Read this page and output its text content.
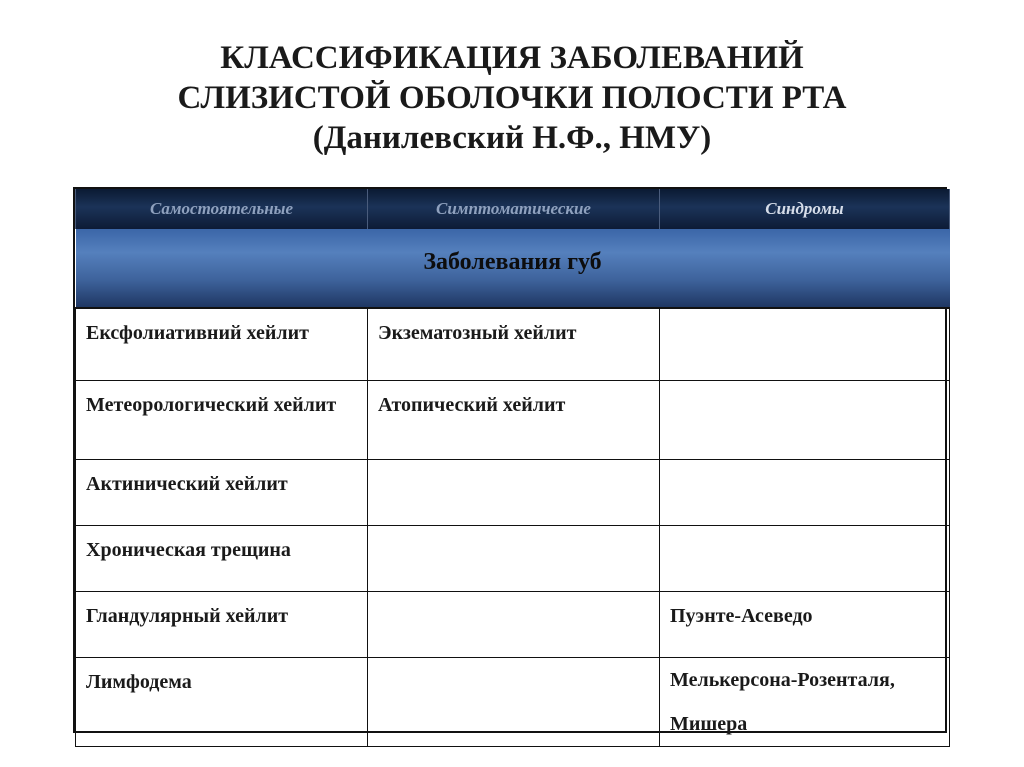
КЛАССИФИКАЦИЯ ЗАБОЛЕВАНИЙ
СЛИЗИСТОЙ ОБОЛОЧКИ ПОЛОСТИ РТА
(Данилевский Н.Ф., НМУ)
Самостоятельные	Симптоматические	Синдромы
Заболевания губ		
Ексфолиативний хейлит	Экзематозный хейлит	
Метеорологический хейлит	Атопический хейлит	
Актинический хейлит		
Хроническая трещина		
Гландулярный хейлит		Пуэнте-Асеведо
Лимфодема		Мелькерсона-Розенталя, Мишера
